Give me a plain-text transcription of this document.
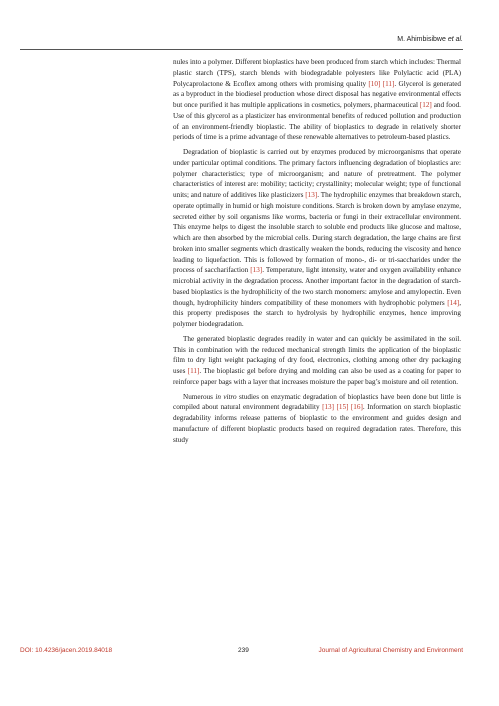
M. Ahimbisibwe et al.

nules into a polymer. Different bioplastics have been produced from starch which includes: Thermal plastic starch (TPS), starch blends with biodegradable polyesters like Polylactic acid (PLA) Polycaprolactone & Ecoflex among others with promising quality [10] [11]. Glycerol is generated as a byproduct in the biodiesel production whose direct disposal has negative environmental effects but once purified it has multiple applications in cosmetics, polymers, pharmaceutical [12] and food. Use of this glycerol as a plasticizer has environmental benefits of reduced pollution and production of an environment-friendly bioplastic. The ability of bioplastics to degrade in relatively shorter periods of time is a prime advantage of these renewable alternatives to petroleum-based plastics.

Degradation of bioplastic is carried out by enzymes produced by microorganisms that operate under particular optimal conditions. The primary factors influencing degradation of bioplastics are: polymer characteristics; type of microorganism; and nature of pretreatment. The polymer characteristics of interest are: mobility; tacticity; crystallinity; molecular weight; type of functional units; and nature of additives like plasticizers [13]. The hydrophilic enzymes that breakdown starch, operate optimally in humid or high moisture conditions. Starch is broken down by amylase enzyme, secreted either by soil organisms like worms, bacteria or fungi in their extracellular environment. This enzyme helps to digest the insoluble starch to soluble end products like glucose and maltose, which are then absorbed by the microbial cells. During starch degradation, the large chains are first broken into smaller segments which drastically weaken the bonds, reducing the viscosity and hence leading to liquefaction. This is followed by formation of mono-, di- or tri-saccharides under the process of saccharifaction [13]. Temperature, light intensity, water and oxygen availability enhance microbial activity in the degradation process. Another important factor in the degradation of starch-based bioplastics is the hydrophilicity of the two starch monomers: amylose and amylopectin. Even though, hydrophilicity hinders compatibility of these monomers with hydrophobic polymers [14], this property predisposes the starch to hydrolysis by hydrophilic enzymes, hence improving polymer biodegradation.

The generated bioplastic degrades readily in water and can quickly be assimilated in the soil. This in combination with the reduced mechanical strength limits the application of the bioplastic film to dry light weight packaging of dry food, electronics, clothing among other dry packaging uses [11]. The bioplastic gel before drying and molding can also be used as a coating for paper to reinforce paper bags with a layer that increases moisture the paper bag’s moisture and oil retention.

Numerous in vitro studies on enzymatic degradation of bioplastics have been done but little is compiled about natural environment degradability [13] [15] [16]. Information on starch bioplastic degradability informs release patterns of bioplastic to the environment and guides design and manufacture of different bioplastic products based on required degradation rates. Therefore, this study

DOI: 10.4236/jacen.2019.84018	239	Journal of Agricultural Chemistry and Environment
